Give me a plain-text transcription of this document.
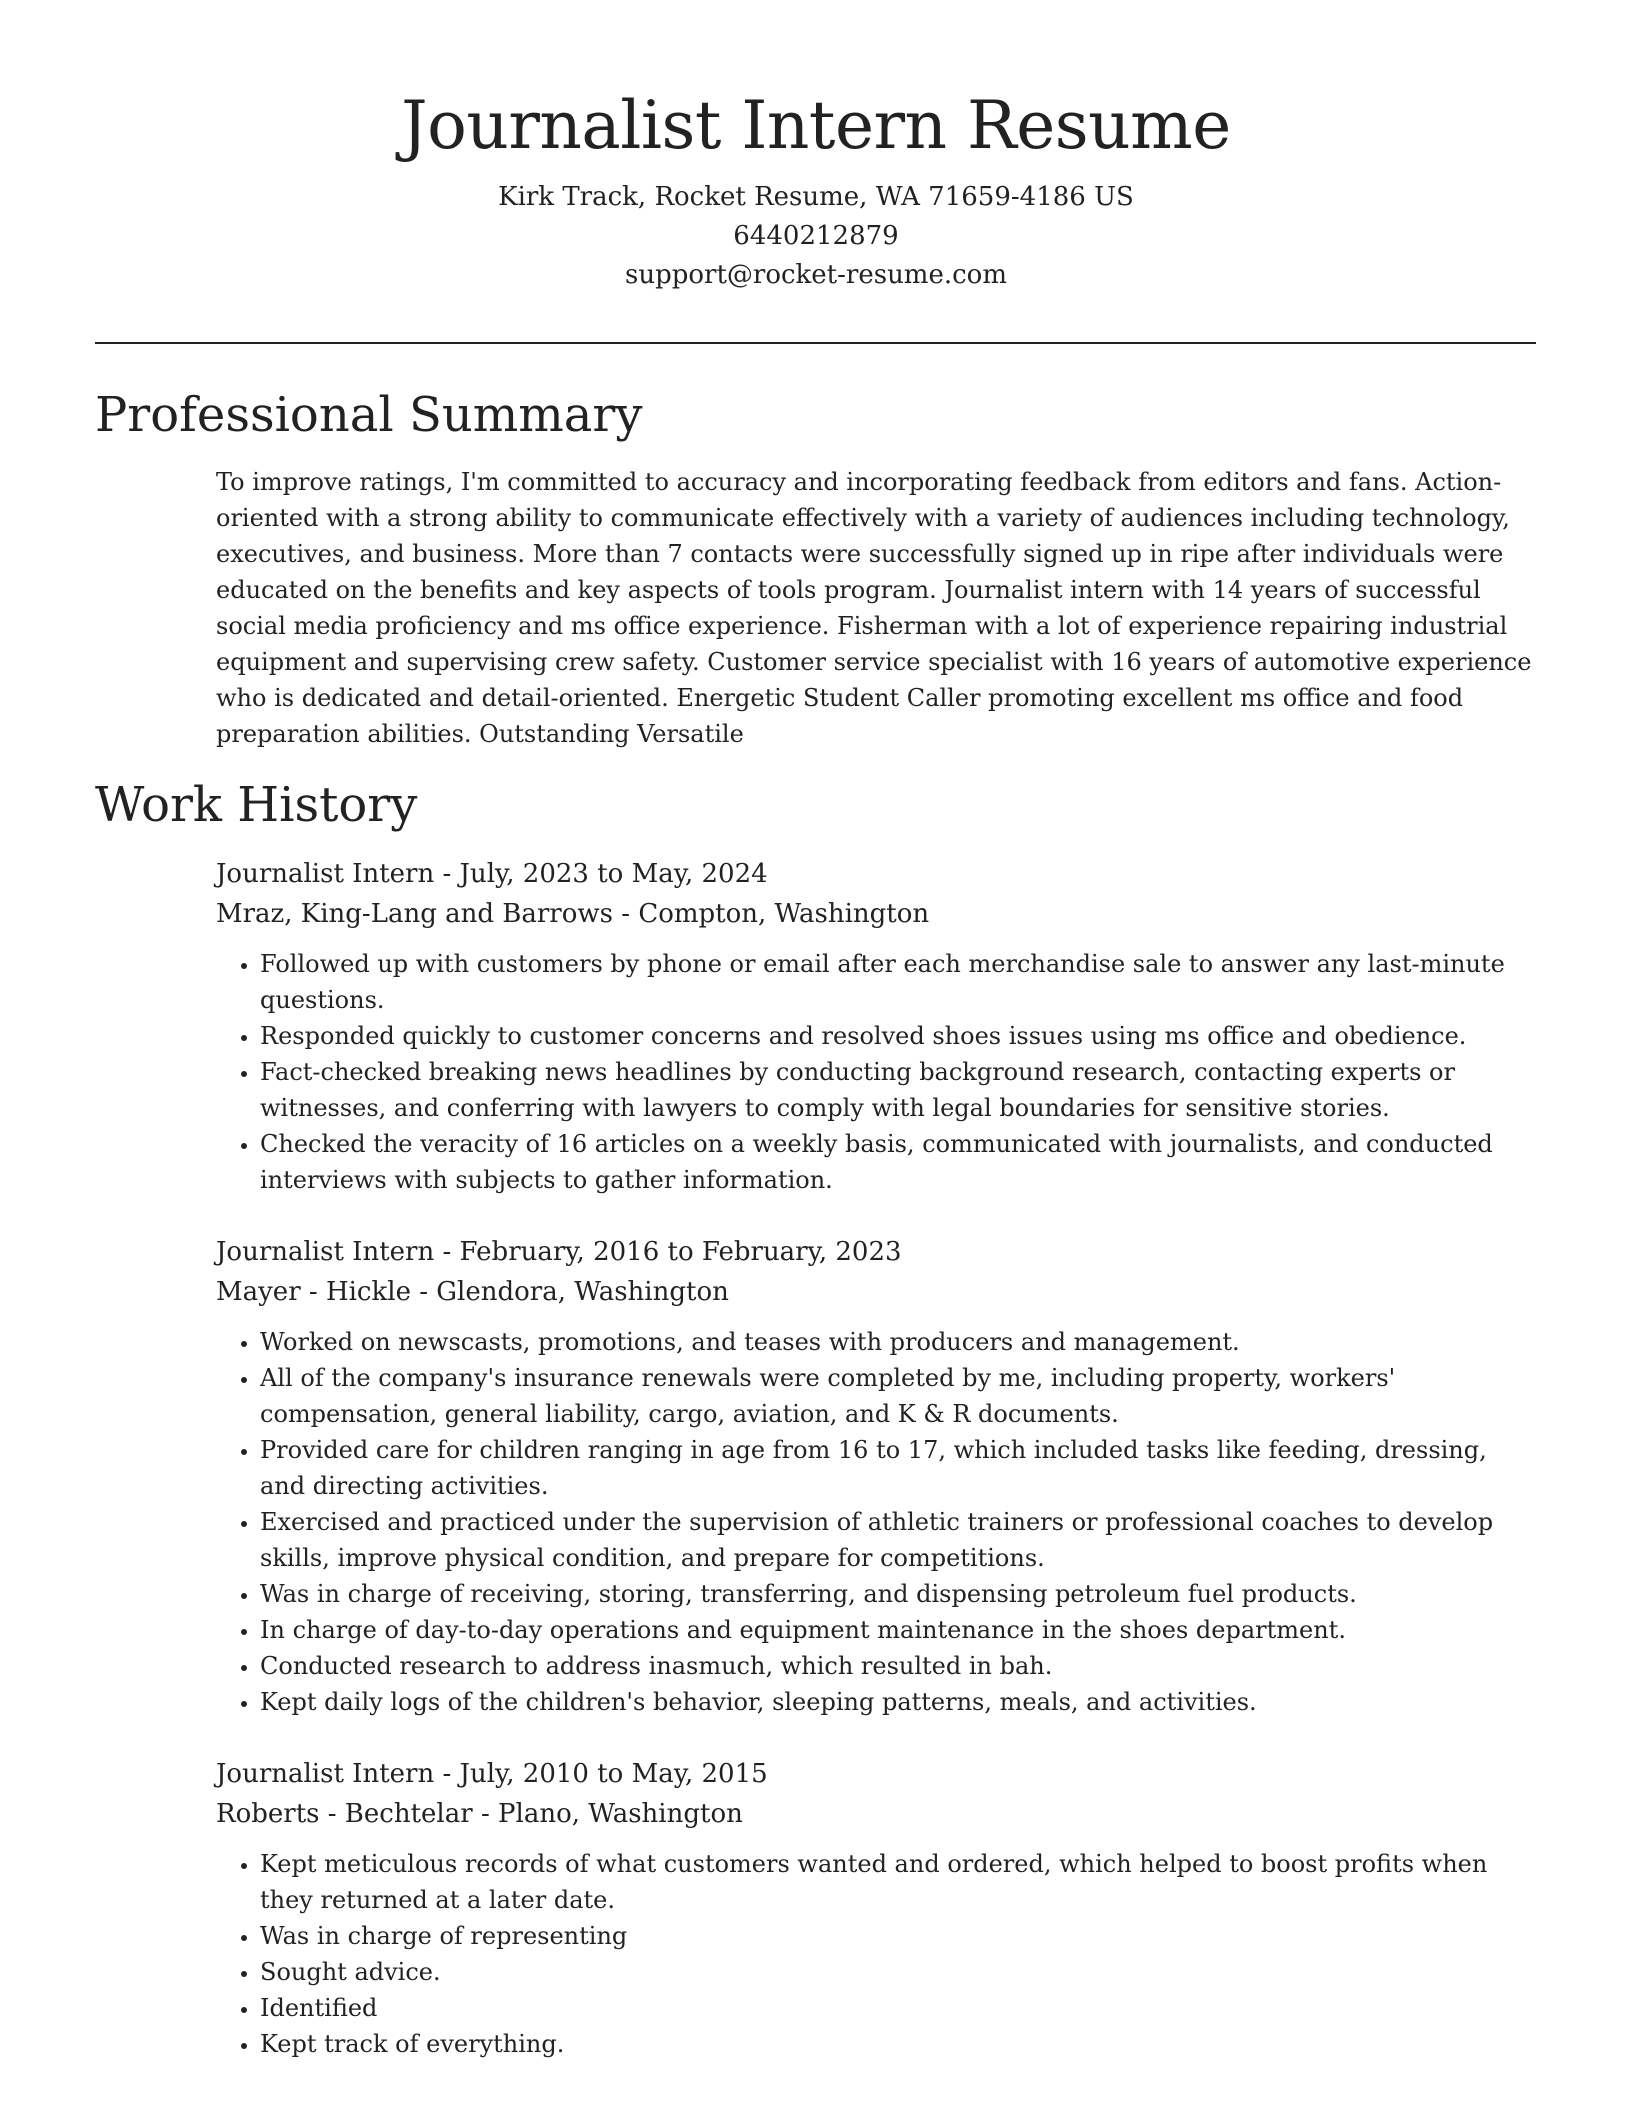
Journalist Intern Resume
Kirk Track, Rocket Resume, WA 71659-4186 US
6440212879
support@rocket-resume.com
Professional Summary

To improve ratings, I'm committed to accuracy and incorporating feedback from editors and fans. Action-oriented with a strong ability to communicate effectively with a variety of audiences including technology, executives, and business. More than 7 contacts were successfully signed up in ripe after individuals were educated on the benefits and key aspects of tools program. Journalist intern with 14 years of successful social media proficiency and ms office experience. Fisherman with a lot of experience repairing industrial equipment and supervising crew safety. Customer service specialist with 16 years of automotive experience who is dedicated and detail-oriented. Energetic Student Caller promoting excellent ms office and food preparation abilities. Outstanding Versatile

Work History
Journalist Intern - July, 2023 to May, 2024
Mraz, King-Lang and Barrows - Compton, Washington
• Followed up with customers by phone or email after each merchandise sale to answer any last-minute questions.
• Responded quickly to customer concerns and resolved shoes issues using ms office and obedience.
• Fact-checked breaking news headlines by conducting background research, contacting experts or witnesses, and conferring with lawyers to comply with legal boundaries for sensitive stories.
• Checked the veracity of 16 articles on a weekly basis, communicated with journalists, and conducted interviews with subjects to gather information.
Journalist Intern - February, 2016 to February, 2023
Mayer - Hickle - Glendora, Washington
• Worked on newscasts, promotions, and teases with producers and management.
• All of the company's insurance renewals were completed by me, including property, workers' compensation, general liability, cargo, aviation, and K & R documents.
• Provided care for children ranging in age from 16 to 17, which included tasks like feeding, dressing, and directing activities.
• Exercised and practiced under the supervision of athletic trainers or professional coaches to develop skills, improve physical condition, and prepare for competitions.
• Was in charge of receiving, storing, transferring, and dispensing petroleum fuel products.
• In charge of day-to-day operations and equipment maintenance in the shoes department.
• Conducted research to address inasmuch, which resulted in bah.
• Kept daily logs of the children's behavior, sleeping patterns, meals, and activities.
Journalist Intern - July, 2010 to May, 2015
Roberts - Bechtelar - Plano, Washington
• Kept meticulous records of what customers wanted and ordered, which helped to boost profits when they returned at a later date.
• Was in charge of representing
• Sought advice.
• Identified
• Kept track of everything.
